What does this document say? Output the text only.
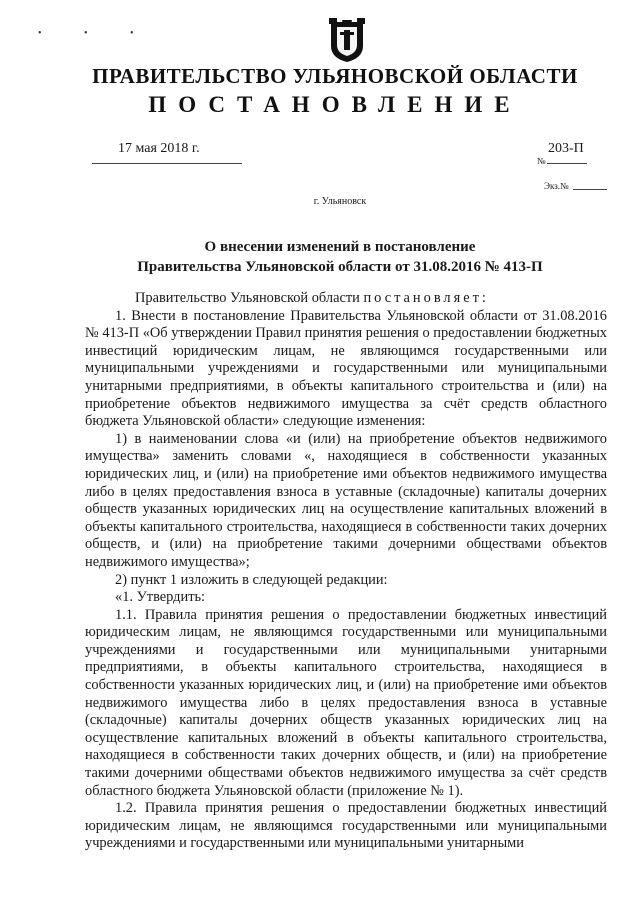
• • •
ПРАВИТЕЛЬСТВО УЛЬЯНОВСКОЙ ОБЛАСТИ
ПОСТАНОВЛЕНИЕ
17 мая 2018 г.	203-П
№
Экз.№
г. Ульяновск
О внесении изменений в постановление
Правительства Ульяновской области от 31.08.2016 № 413-П

Правительство Ульяновской области постановляет:

1. Внести в постановление Правительства Ульяновской области от 31.08.2016 № 413-П «Об утверждении Правил принятия решения о предоставлении бюджетных инвестиций юридическим лицам, не являющимся государственными или муниципальными учреждениями и государственными или муниципальными унитарными предприятиями, в объекты капитального строительства и (или) на приобретение объектов недвижимого имущества за счёт средств областного бюджета Ульяновской области» следующие изменения:

1) в наименовании слова «и (или) на приобретение объектов недвижимого имущества» заменить словами «, находящиеся в собственности указанных юридических лиц, и (или) на приобретение ими объектов недвижимого имущества либо в целях предоставления взноса в уставные (складочные) капиталы дочерних обществ указанных юридических лиц на осуществление капитальных вложений в объекты капитального строительства, находящиеся в собственности таких дочерних обществ, и (или) на приобретение такими дочерними обществами объектов недвижимого имущества»;

2) пункт 1 изложить в следующей редакции:

«1. Утвердить:

1.1. Правила принятия решения о предоставлении бюджетных инвестиций юридическим лицам, не являющимся государственными или муниципальными учреждениями и государственными или муниципальными унитарными предприятиями, в объекты капитального строительства, находящиеся в собственности указанных юридических лиц, и (или) на приобретение ими объектов недвижимого имущества либо в целях предоставления взноса в уставные (складочные) капиталы дочерних обществ указанных юридических лиц на осуществление капитальных вложений в объекты капитального строительства, находящиеся в собственности таких дочерних обществ, и (или) на приобретение такими дочерними обществами объектов недвижимого имущества за счёт средств областного бюджета Ульяновской области (приложение № 1).

1.2. Правила принятия решения о предоставлении бюджетных инвестиций юридическим лицам, не являющимся государственными или муниципальными учреждениями и государственными или муниципальными унитарными
